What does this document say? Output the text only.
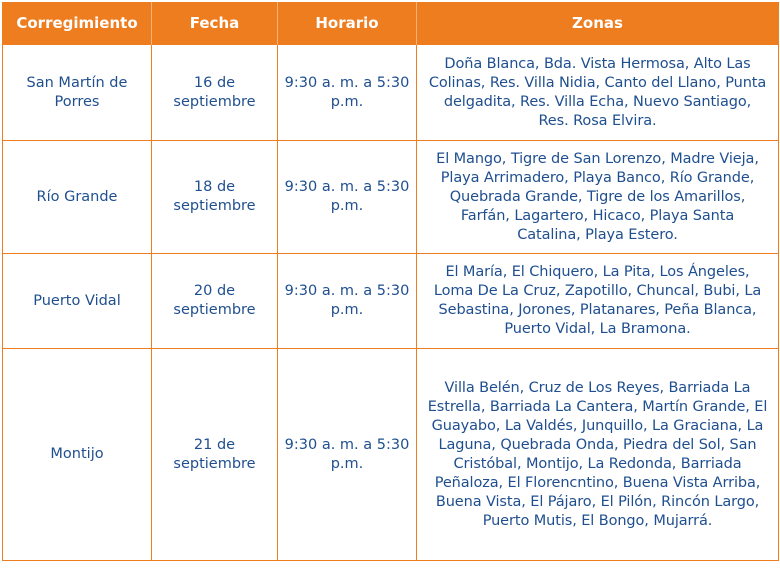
Corregimiento	Fecha	Horario	Zonas
San Martín de Porres	16 de septiembre	9:30 a. m. a 5:30 p.m.	Doña Blanca, Bda. Vista Hermosa, Alto Las Colinas, Res. Villa Nidia, Canto del Llano, Punta delgadita, Res. Villa Echa, Nuevo Santiago, Res. Rosa Elvira.
Río Grande	18 de septiembre	9:30 a. m. a 5:30 p.m.	El Mango, Tigre de San Lorenzo, Madre Vieja, Playa Arrimadero, Playa Banco, Río Grande, Quebrada Grande, Tigre de los Amarillos, Farfán, Lagartero, Hicaco, Playa Santa Catalina, Playa Estero.
Puerto Vidal	20 de septiembre	9:30 a. m. a 5:30 p.m.	El María, El Chiquero, La Pita, Los Ángeles, Loma De La Cruz, Zapotillo, Chuncal, Bubi, La Sebastina, Jorones, Platanares, Peña Blanca, Puerto Vidal, La Bramona.
Montijo	21 de septiembre	9:30 a. m. a 5:30 p.m.	Villa Belén, Cruz de Los Reyes, Barriada La Estrella, Barriada La Cantera, Martín Grande, El Guayabo, La Valdés, Junquillo, La Graciana, La Laguna, Quebrada Onda, Piedra del Sol, San Cristóbal, Montijo, La Redonda, Barriada Peñaloza, El Florencntino, Buena Vista Arriba, Buena Vista, El Pájaro, El Pilón, Rincón Largo, Puerto Mutis, El Bongo, Mujarrá.
